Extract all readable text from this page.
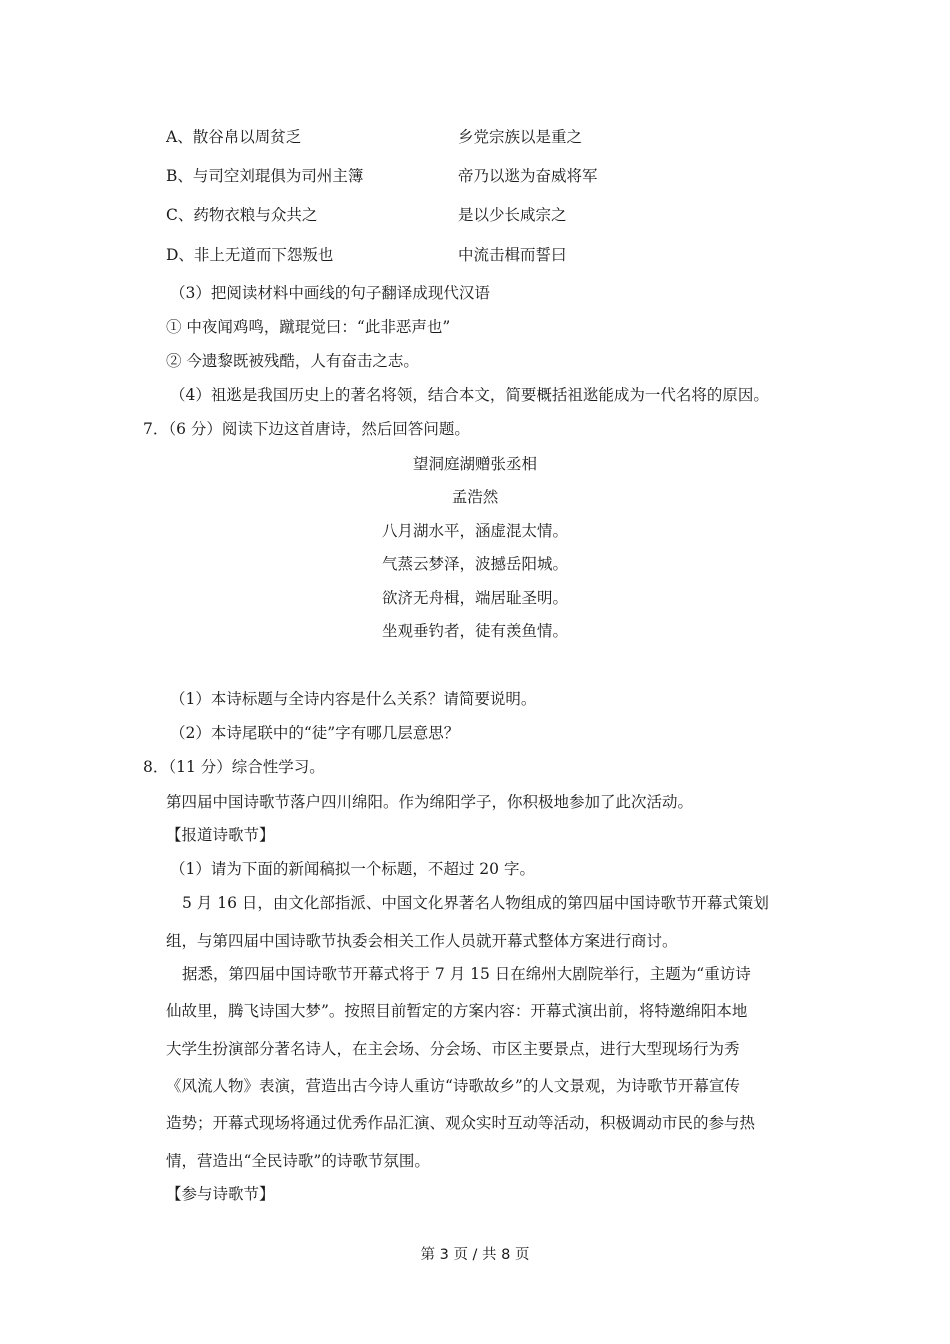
A、散谷帛以周贫乏	乡党宗族以是重之
B、与司空刘琨俱为司州主簿	帝乃以逖为奋威将军
C、药物衣粮与众共之	是以少长咸宗之
D、非上无道而下怨叛也	中流击楫而誓曰
（3）把阅读材料中画线的句子翻译成现代汉语
① 中夜闻鸡鸣，蹴琨觉曰：“此非恶声也”
② 今遗黎既被残酷，人有奋击之志。
（4）祖逖是我国历史上的著名将领，结合本文，简要概括祖逖能成为一代名将的原因。
7．（6 分）阅读下边这首唐诗，然后回答问题。
望洞庭湖赠张丞相
孟浩然
八月湖水平，涵虚混太情。
气蒸云梦泽，波撼岳阳城。
欲济无舟楫，端居耻圣明。
坐观垂钓者，徒有羡鱼情。
（1）本诗标题与全诗内容是什么关系？请简要说明。
（2）本诗尾联中的“徒”字有哪几层意思？
8．（11 分）综合性学习。
第四届中国诗歌节落户四川绵阳。作为绵阳学子，你积极地参加了此次活动。
【报道诗歌节】
（1）请为下面的新闻稿拟一个标题，不超过 20 字。
5 月 16 日，由文化部指派、中国文化界著名人物组成的第四届中国诗歌节开幕式策划
组，与第四届中国诗歌节执委会相关工作人员就开幕式整体方案进行商讨。
据悉，第四届中国诗歌节开幕式将于 7 月 15 日在绵州大剧院举行，主题为“重访诗
仙故里，腾飞诗国大梦”。按照目前暂定的方案内容：开幕式演出前，将特邀绵阳本地
大学生扮演部分著名诗人，在主会场、分会场、市区主要景点，进行大型现场行为秀
《风流人物》表演，营造出古今诗人重访“诗歌故乡”的人文景观，为诗歌节开幕宣传
造势；开幕式现场将通过优秀作品汇演、观众实时互动等活动，积极调动市民的参与热
情，营造出“全民诗歌”的诗歌节氛围。
【参与诗歌节】
第 3 页 / 共 8 页
